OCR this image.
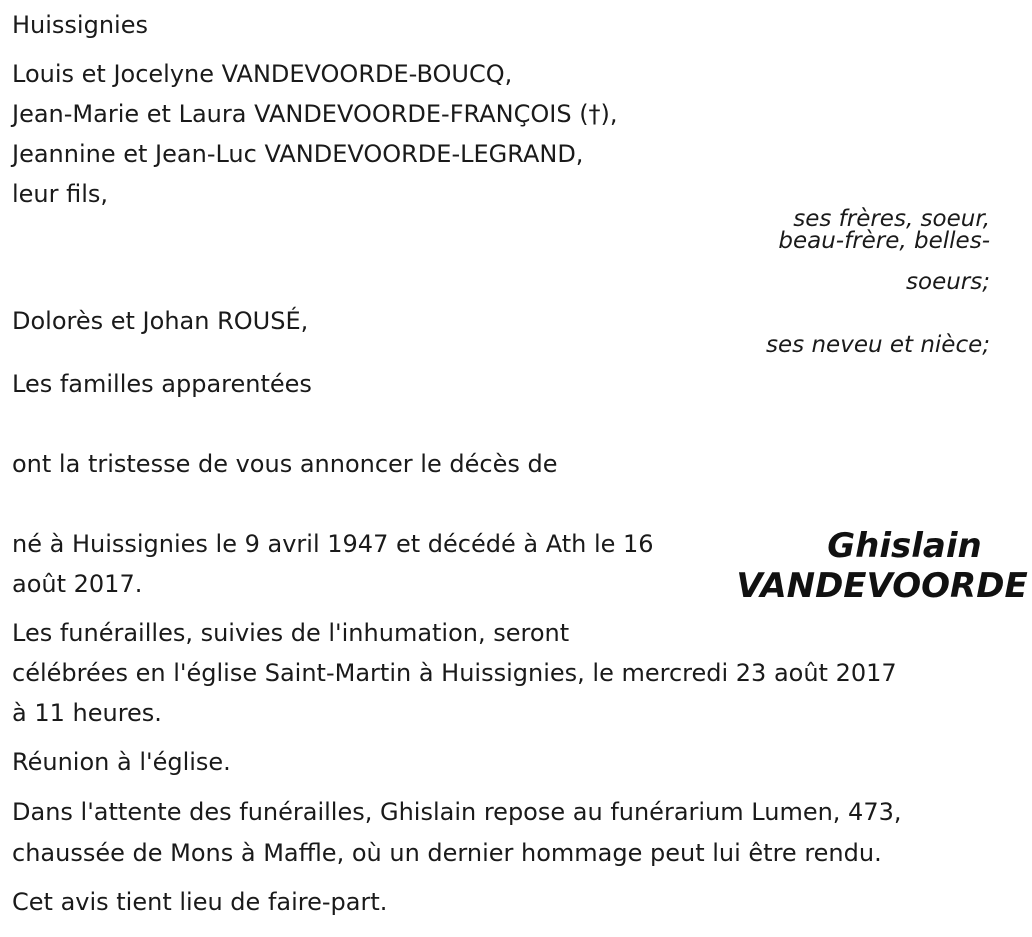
Huissignies
Louis et Jocelyne VANDEVOORDE-BOUCQ,
Jean-Marie et Laura VANDEVOORDE-FRANÇOIS (†),
Jeannine et Jean-Luc VANDEVOORDE-LEGRAND,
leur fils,
ses frères, soeur,
beau-frère, belles-
soeurs;
Dolorès et Johan ROUSÉ,
ses neveu et nièce;
Les familles apparentées
ont la tristesse de vous annoncer le décès de
né à Huissignies le 9 avril 1947 et décédé à Ath le 16
août 2017.
Ghislain
VANDEVOORDE
Les funérailles, suivies de l'inhumation, seront
célébrées en l'église Saint-Martin à Huissignies, le mercredi 23 août 2017
à 11 heures.
Réunion à l'église.
Dans l'attente des funérailles, Ghislain repose au funérarium Lumen, 473,
chaussée de Mons à Maffle, où un dernier hommage peut lui être rendu.
Cet avis tient lieu de faire-part.
